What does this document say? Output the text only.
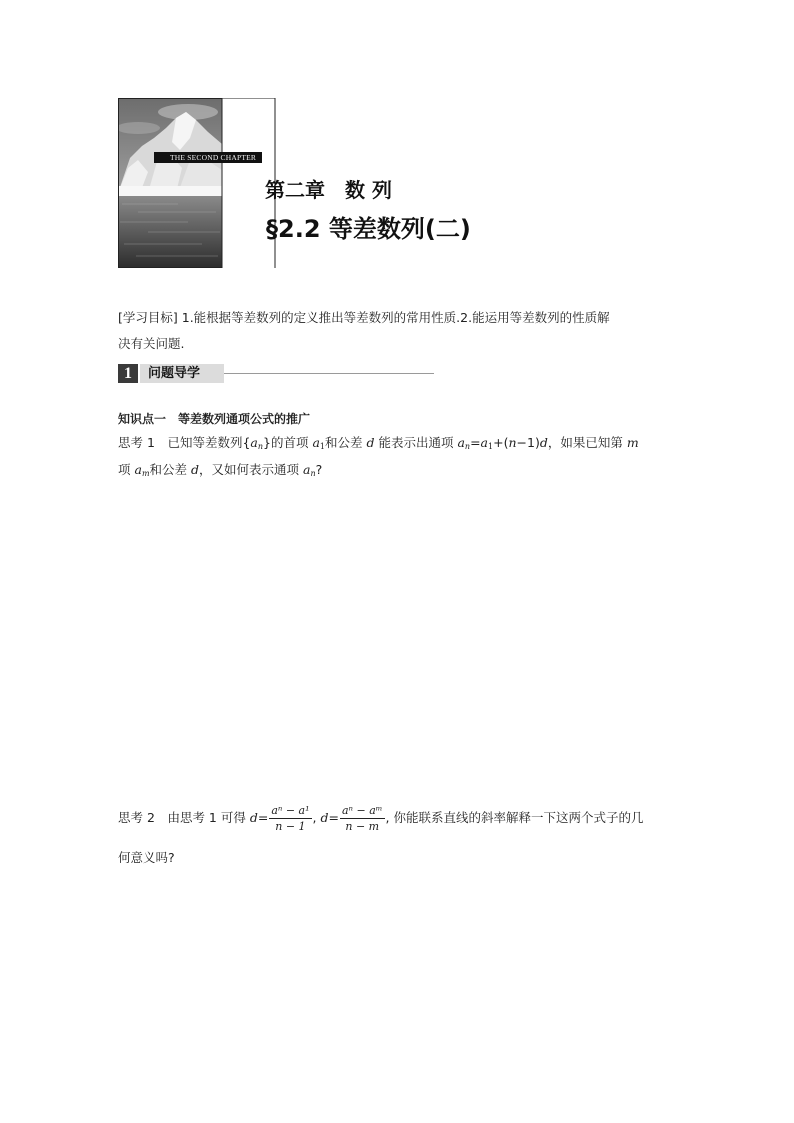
THE SECOND CHAPTER
第二章　数 列
§2.2 等差数列(二)
[学习目标] 1.能根据等差数列的定义推出等差数列的常用性质.2.能运用等差数列的性质解
决有关问题.
1	问题导学
知识点一　等差数列通项公式的推广
思考 1　已知等差数列$\{a_n\}$的首项 $a_1$和公差 d 能表示出通项 $a_n=a_1+(n-1)d$，如果已知第 m
项 $a_m$和公差 d，又如何表示通项 $a_n$?
思考 2　由思考 1 可得 $d= \frac{\text{aⁿ − a¹}}{n - 1}$ , $d= \frac{\text{aⁿ − aᵐ}}{n - m}$ , 你能联系直线的斜率解释一下这两个式子的几
何意义吗?
